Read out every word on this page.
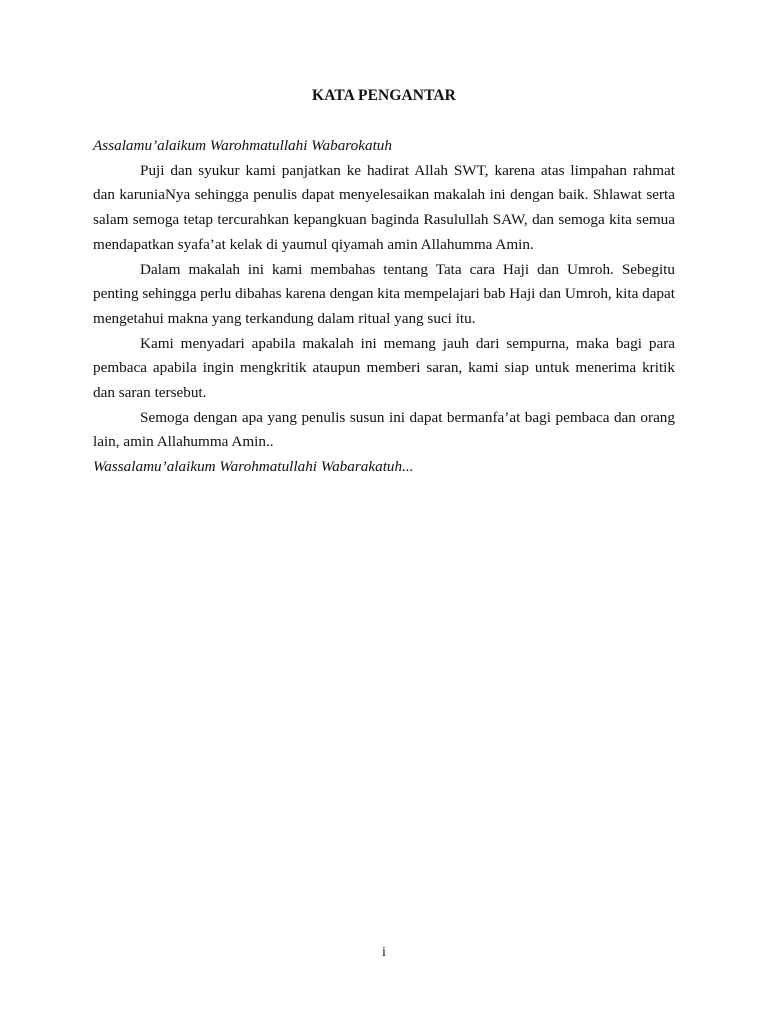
KATA PENGANTAR

Assalamu’alaikum Warohmatullahi Wabarokatuh

Puji dan syukur kami panjatkan ke hadirat Allah SWT, karena atas limpahan rahmat dan karuniaNya sehingga penulis dapat menyelesaikan makalah ini dengan baik. Shlawat serta salam semoga tetap tercurahkan kepangkuan baginda Rasulullah SAW, dan semoga kita semua mendapatkan syafa’at kelak di yaumul qiyamah amin Allahumma Amin.

Dalam makalah ini kami membahas tentang Tata cara Haji dan Umroh. Sebegitu penting sehingga perlu dibahas karena dengan kita mempelajari bab Haji dan Umroh, kita dapat mengetahui makna yang terkandung dalam ritual yang suci itu.

Kami menyadari apabila makalah ini memang jauh dari sempurna, maka bagi para pembaca apabila ingin mengkritik ataupun memberi saran, kami siap untuk menerima kritik dan saran tersebut.

Semoga dengan apa yang penulis susun ini dapat bermanfa’at bagi pembaca dan orang lain, amin Allahumma Amin..

Wassalamu’alaikum Warohmatullahi Wabarakatuh...

i
